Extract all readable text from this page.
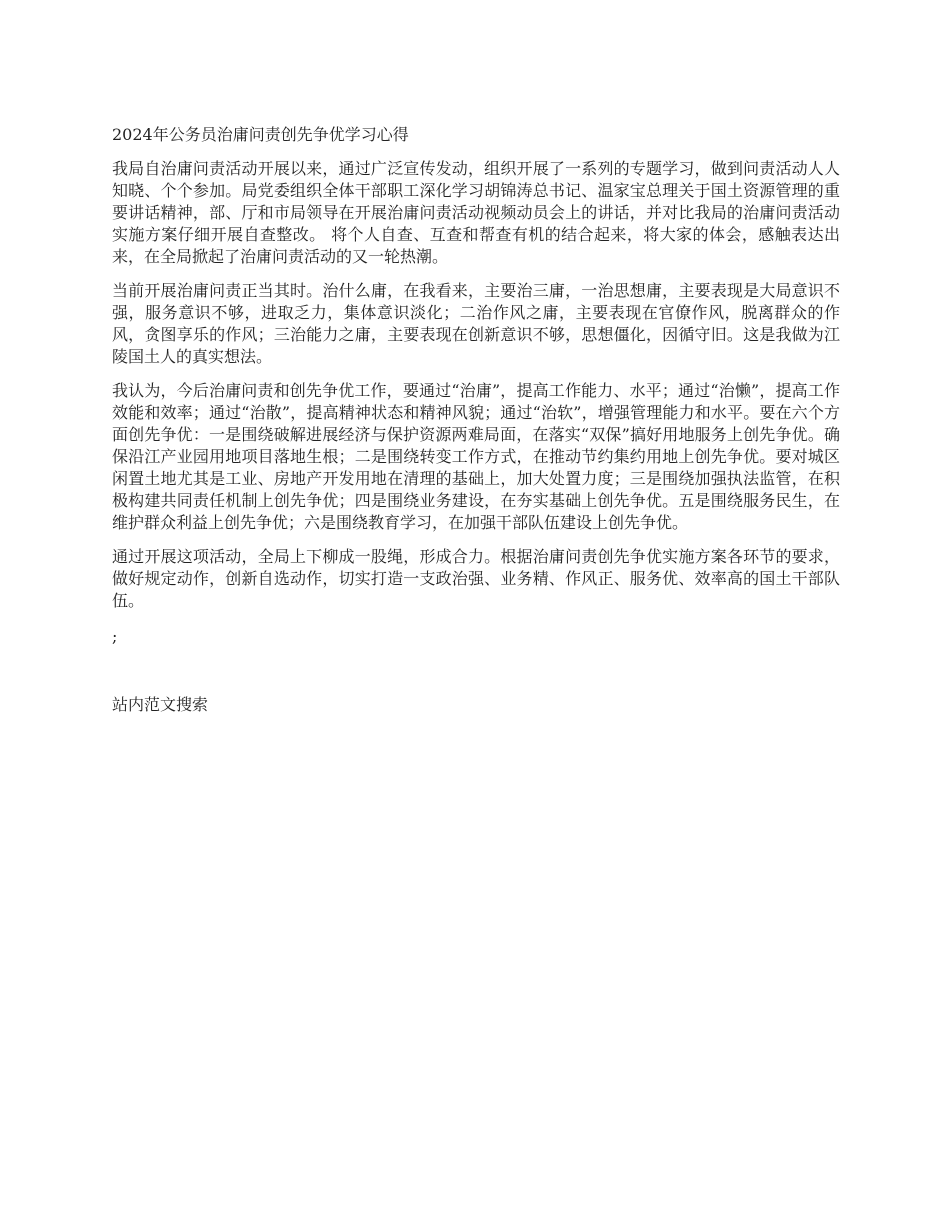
2024年公务员治庸问责创先争优学习心得

我局自治庸问责活动开展以来，通过广泛宣传发动，组织开展了一系列的专题学习，做到问责活动人人知晓、个个参加。局党委组织全体干部职工深化学习胡锦涛总书记、温家宝总理关于国土资源管理的重要讲话精神，部、厅和市局领导在开展治庸问责活动视频动员会上的讲话，并对比我局的治庸问责活动实施方案仔细开展自查整改。 将个人自查、互查和帮查有机的结合起来，将大家的体会，感触表达出来，在全局掀起了治庸问责活动的又一轮热潮。

当前开展治庸问责正当其时。治什么庸，在我看来，主要治三庸，一治思想庸，主要表现是大局意识不强，服务意识不够，进取乏力，集体意识淡化；二治作风之庸，主要表现在官僚作风，脱离群众的作风，贪图享乐的作风；三治能力之庸，主要表现在创新意识不够，思想僵化，因循守旧。这是我做为江陵国土人的真实想法。

我认为，今后治庸问责和创先争优工作，要通过“治庸”，提高工作能力、水平；通过“治懒”，提高工作效能和效率；通过“治散”，提高精神状态和精神风貌；通过“治软”，增强管理能力和水平。要在六个方面创先争优：一是围绕破解进展经济与保护资源两难局面，在落实“双保”搞好用地服务上创先争优。确保沿江产业园用地项目落地生根；二是围绕转变工作方式，在推动节约集约用地上创先争优。要对城区闲置土地尤其是工业、房地产开发用地在清理的基础上，加大处置力度；三是围绕加强执法监管，在积极构建共同责任机制上创先争优；四是围绕业务建设，在夯实基础上创先争优。五是围绕服务民生，在维护群众利益上创先争优；六是围绕教育学习，在加强干部队伍建设上创先争优。

通过开展这项活动，全局上下柳成一股绳，形成合力。根据治庸问责创先争优实施方案各环节的要求，做好规定动作，创新自选动作，切实打造一支政治强、业务精、作风正、服务优、效率高的国土干部队伍。

;
站内范文搜索
